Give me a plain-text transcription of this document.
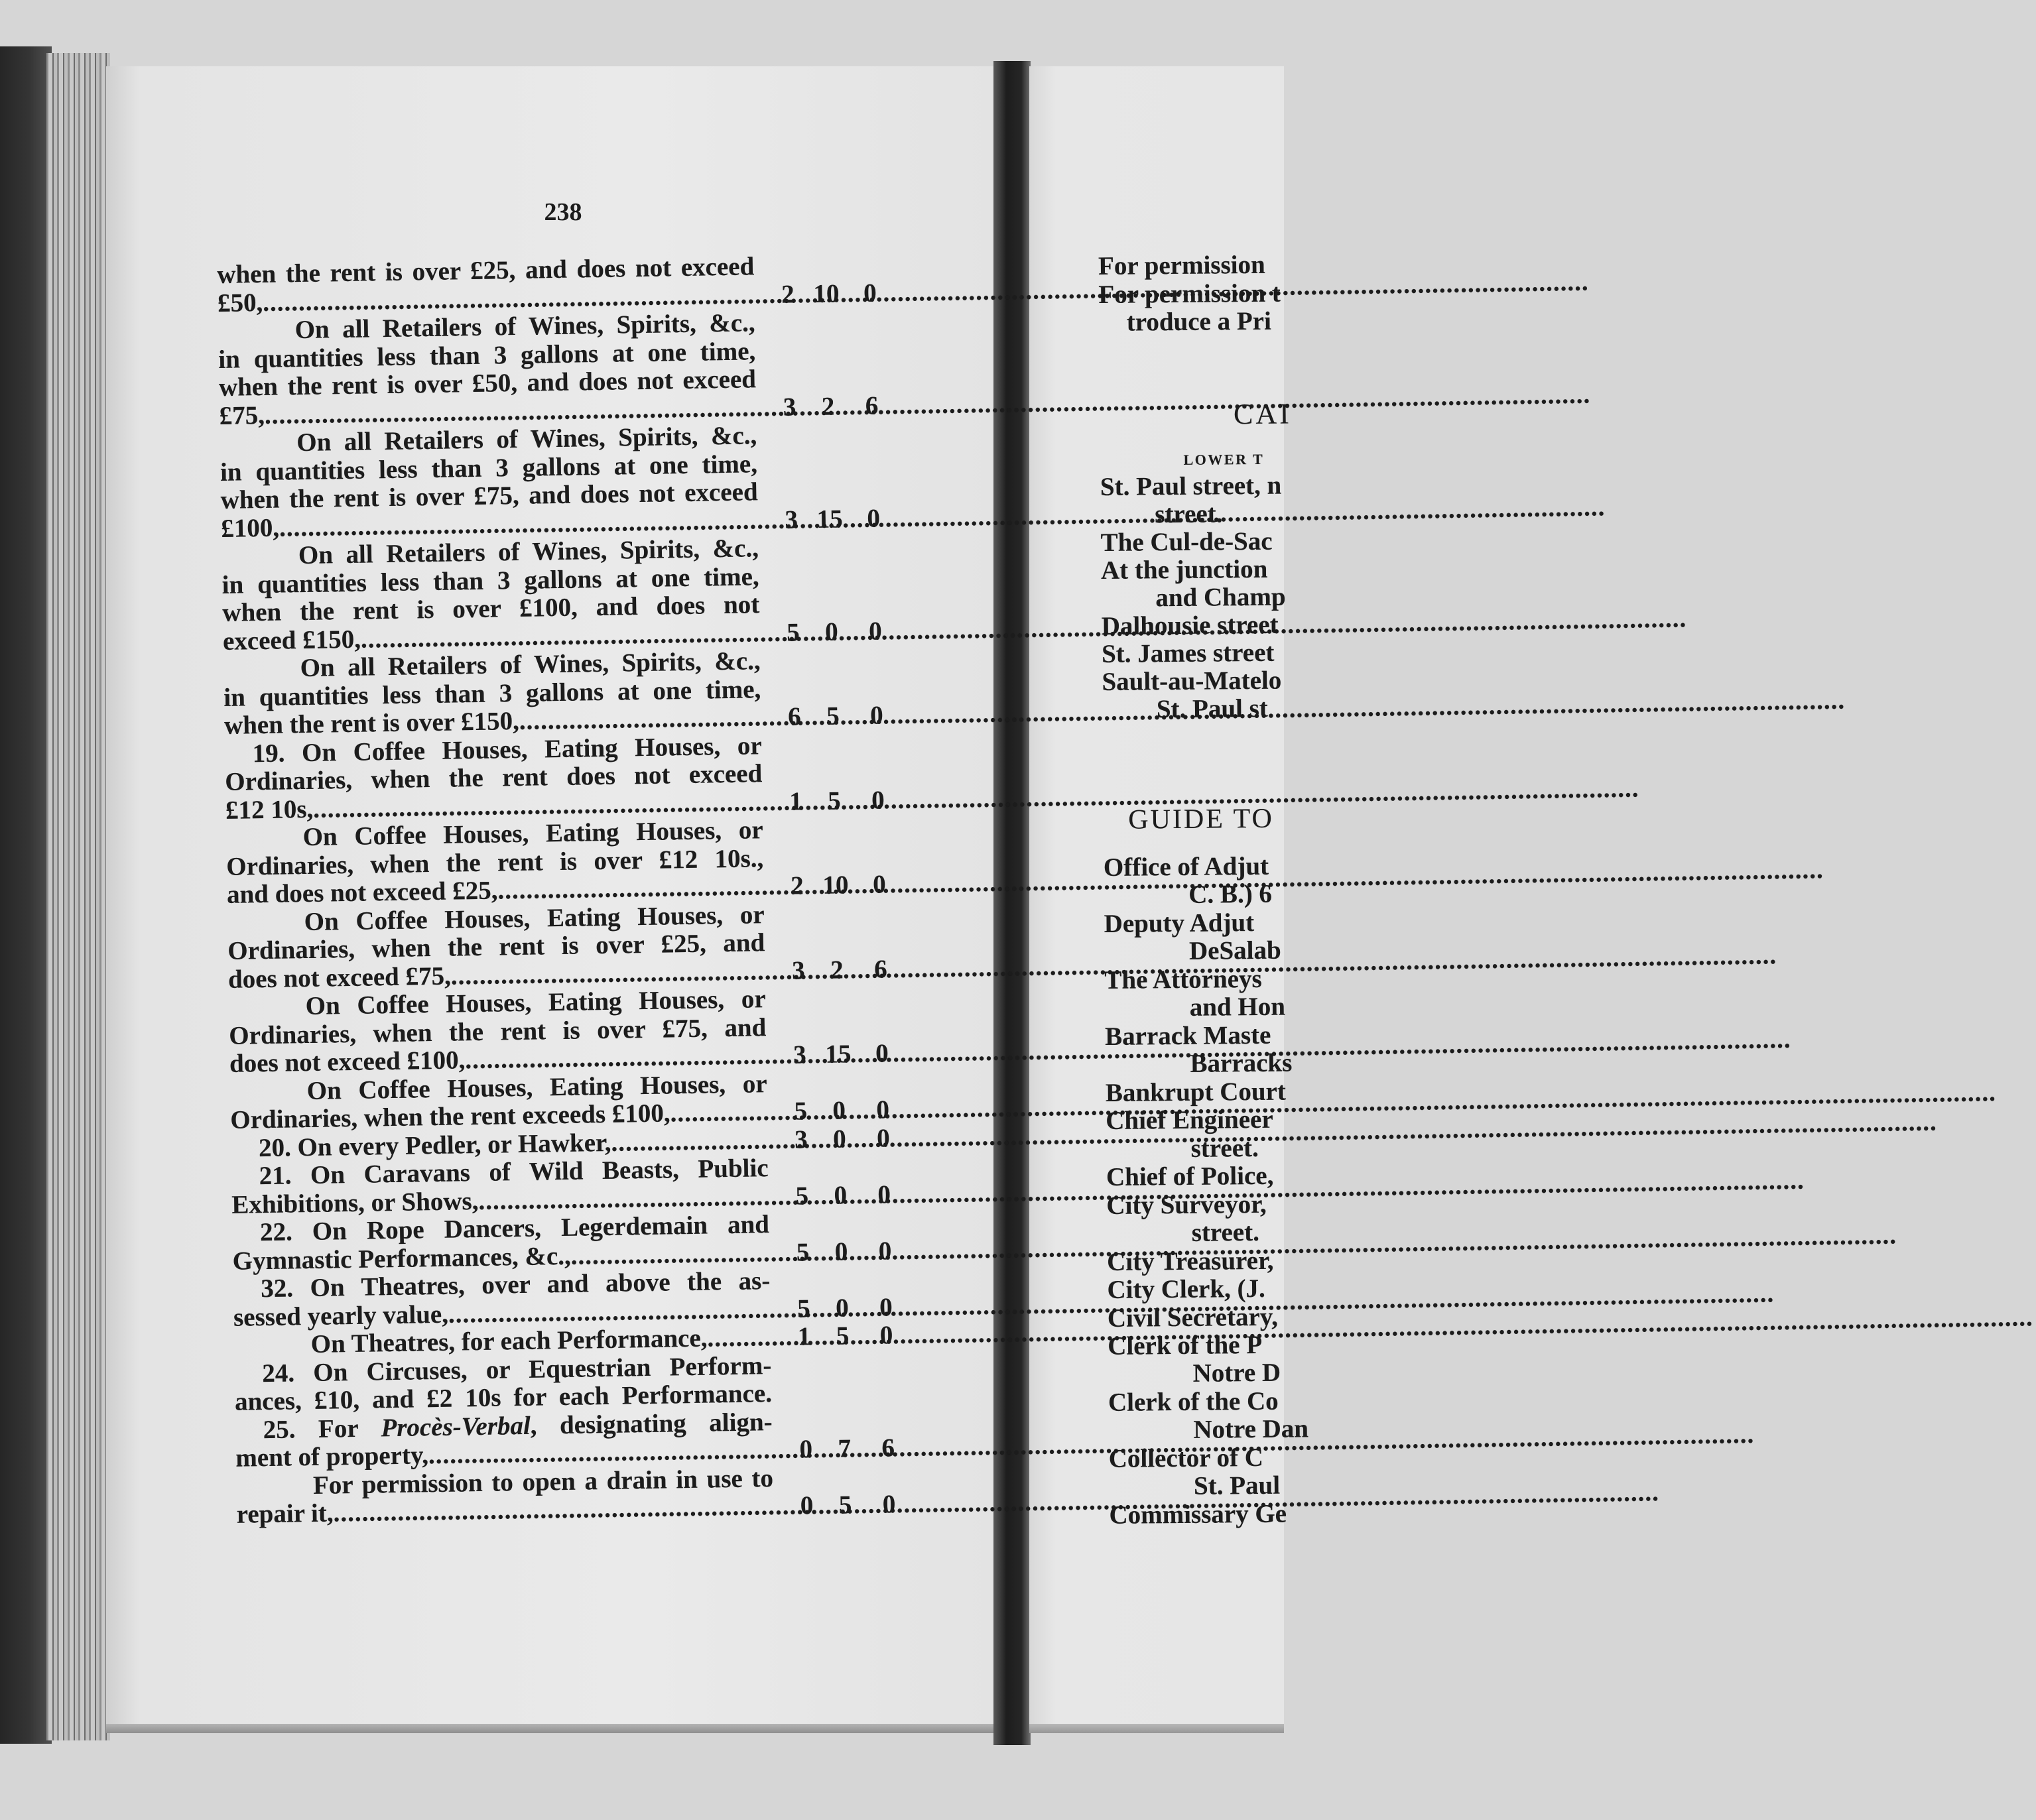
238
when the rent is over £25, and does not exceed
£50, .....	2 10 0
On all Retailers of Wines, Spirits, &c.,
in quantities less than 3 gallons at one time,
when the rent is over £50, and does not exceed
£75, .....	3 2	6
On all Retailers of Wines, Spirits, &c.,
in quantities less than 3 gallons at one time,
when the rent is over £75, and does not exceed
£100, .....	3 15 0
On all Retailers of Wines, Spirits, &c.,
in quantities less than 3 gallons at one time,
when the rent is over £100, and does not
exceed £150, .....	5 0	0
On all Retailers of Wines, Spirits, &c.,
in quantities less than 3 gallons at one time,
when the rent is over £150, .....	6 5	0
19. On Coffee Houses, Eating Houses, or
Ordinaries, when the rent does not exceed
£12 10s, .....	1 5	0
On Coffee Houses, Eating Houses, or
Ordinaries, when the rent is over £12 10s.,
and does not exceed £25, .....	2 10 0
On Coffee Houses, Eating Houses, or
Ordinaries, when the rent is over £25, and
does not exceed £75, .....	3 2	6
On Coffee Houses, Eating Houses, or
Ordinaries, when the rent is over £75, and
does not exceed £100, .....	3 15 0
On Coffee Houses, Eating Houses, or
Ordinaries, when the rent exceeds £100, .....	5 0	0
20. On every Pedler, or Hawker, .....	3 0	0
21. On Caravans of Wild Beasts, Public
Exhibitions, or Shows, .....	5 0	0
22. On Rope Dancers, Legerdemain and
Gymnastic Performances, &c., .....	5 0	0
32. On Theatres, over and above the as-
sessed yearly value, .....	5 0	0
On Theatres, for each Performance, .....	1 5	0
24. On Circuses, or Equestrian Perform-
ances, £10, and £2 10s for each Performance.
25. For Procès-Verbal, designating align-
ment of property, .....	0 7	6
For permission to open a drain in use to
repair it, .....	0 5	0
For permission
For permission t
troduce a Pri
CAI
LOWER T
St. Paul street, n
street.
The Cul-de-Sac
At the junction
and Champ
Dalhousie street
St. James street
Sault-au-Matelo
St. Paul st
GUIDE TO
Office of Adjut
C. B.) 6
Deputy Adjut
DeSalab
The Attorneys
and Hon
Barrack Maste
Barracks
Bankrupt Court
Chief Engineer
street.
Chief of Police,
City Surveyor,
street.
City Treasurer,
City Clerk, (J.
Civil Secretary,
Clerk of the P
Notre D
Clerk of the Co
Notre Dan
Collector of C
St. Paul
Commissary Ge
